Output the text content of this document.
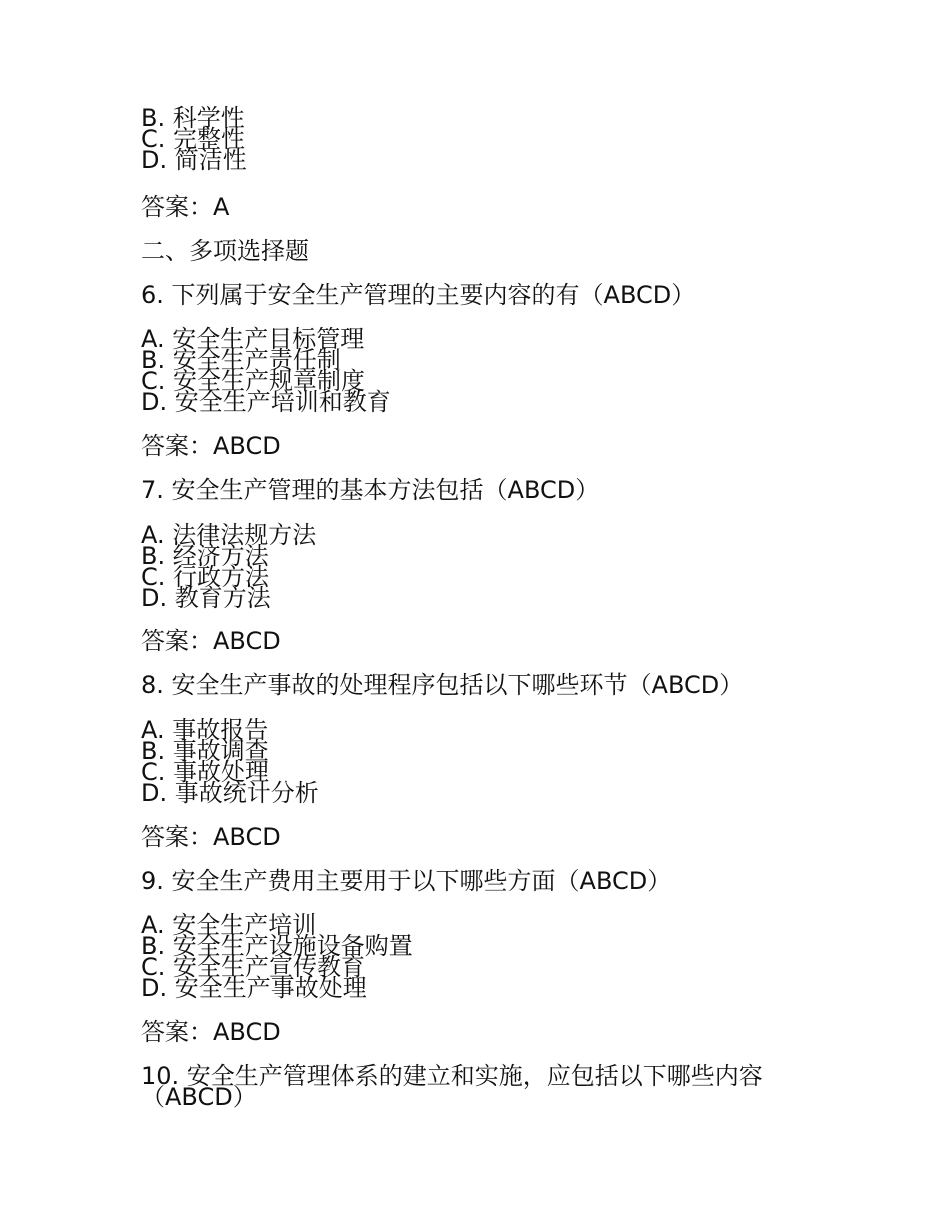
B. 科学性
C. 完整性
D. 简洁性
答案：A
二、多项选择题
6. 下列属于安全生产管理的主要内容的有（ABCD）
A. 安全生产目标管理
B. 安全生产责任制
C. 安全生产规章制度
D. 安全生产培训和教育
答案：ABCD
7. 安全生产管理的基本方法包括（ABCD）
A. 法律法规方法
B. 经济方法
C. 行政方法
D. 教育方法
答案：ABCD
8. 安全生产事故的处理程序包括以下哪些环节（ABCD）
A. 事故报告
B. 事故调查
C. 事故处理
D. 事故统计分析
答案：ABCD
9. 安全生产费用主要用于以下哪些方面（ABCD）
A. 安全生产培训
B. 安全生产设施设备购置
C. 安全生产宣传教育
D. 安全生产事故处理
答案：ABCD
10. 安全生产管理体系的建立和实施，应包括以下哪些内容（ABCD）
